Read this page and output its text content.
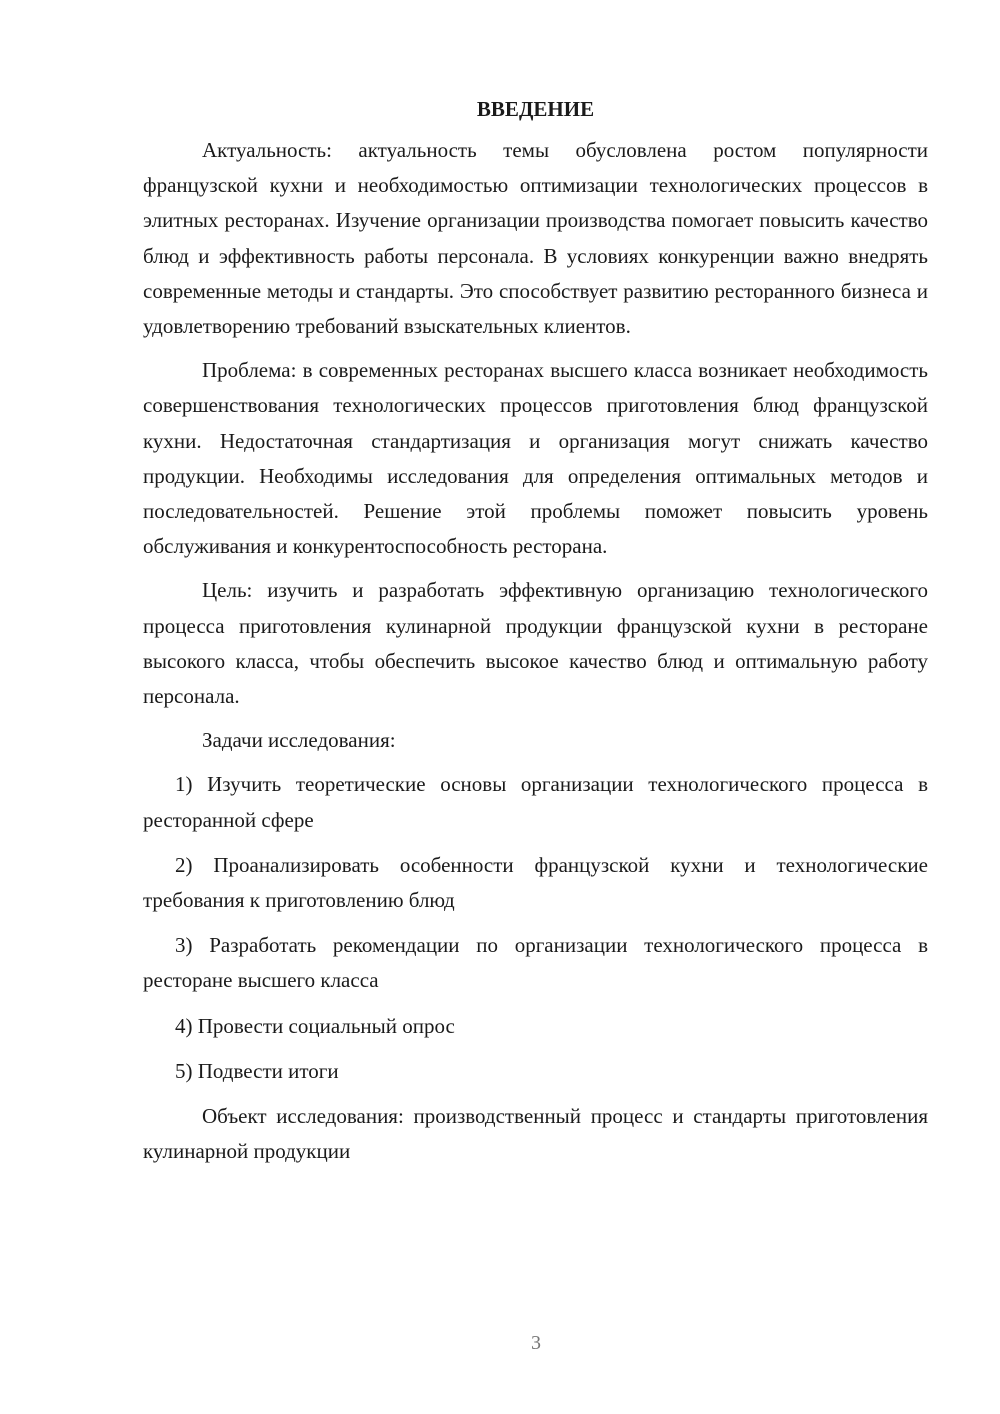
ВВЕДЕНИЕ

Актуальность: актуальность темы обусловлена ростом популярности французской кухни и необходимостью оптимизации технологических процессов в элитных ресторанах. Изучение организации производства помогает повысить качество блюд и эффективность работы персонала. В условиях конкуренции важно внедрять современные методы и стандарты. Это способствует развитию ресторанного бизнеса и удовлетворению требований взыскательных клиентов.

Проблема: в современных ресторанах высшего класса возникает необходимость совершенствования технологических процессов приготовления блюд французской кухни. Недостаточная стандартизация и организация могут снижать качество продукции. Необходимы исследования для определения оптимальных методов и последовательностей. Решение этой проблемы поможет повысить уровень обслуживания и конкурентоспособность ресторана.

Цель: изучить и разработать эффективную организацию технологического процесса приготовления кулинарной продукции французской кухни в ресторане высокого класса, чтобы обеспечить высокое качество блюд и оптимальную работу персонала.

Задачи исследования:

1) Изучить теоретические основы организации технологического процесса в ресторанной сфере

2) Проанализировать особенности французской кухни и технологические требования к приготовлению блюд

3) Разработать рекомендации по организации технологического процесса в ресторане высшего класса

4) Провести социальный опрос

5) Подвести итоги

Объект исследования: производственный процесс и стандарты приготовления кулинарной продукции

3
